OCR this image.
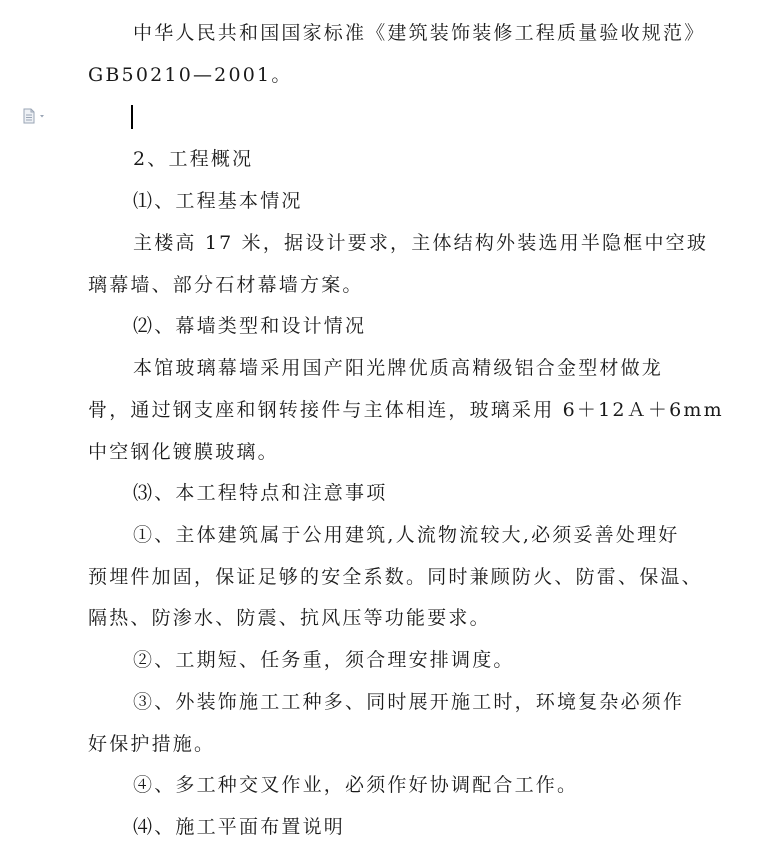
中华人民共和国国家标准《建筑装饰装修工程质量验收规范》
GB50210—2001。
2、工程概况
⑴、工程基本情况
主楼高 17 米，据设计要求，主体结构外装选用半隐框中空玻
璃幕墙、部分石材幕墙方案。
⑵、幕墙类型和设计情况
本馆玻璃幕墙采用国产阳光牌优质高精级铝合金型材做龙
骨，通过钢支座和钢转接件与主体相连，玻璃采用 6＋12Ａ＋6mm
中空钢化镀膜玻璃。
⑶、本工程特点和注意事项
①、主体建筑属于公用建筑,人流物流较大,必须妥善处理好
预埋件加固，保证足够的安全系数。同时兼顾防火、防雷、保温、
隔热、防渗水、防震、抗风压等功能要求。
②、工期短、任务重，须合理安排调度。
③、外装饰施工工种多、同时展开施工时，环境复杂必须作
好保护措施。
④、多工种交叉作业，必须作好协调配合工作。
⑷、施工平面布置说明
